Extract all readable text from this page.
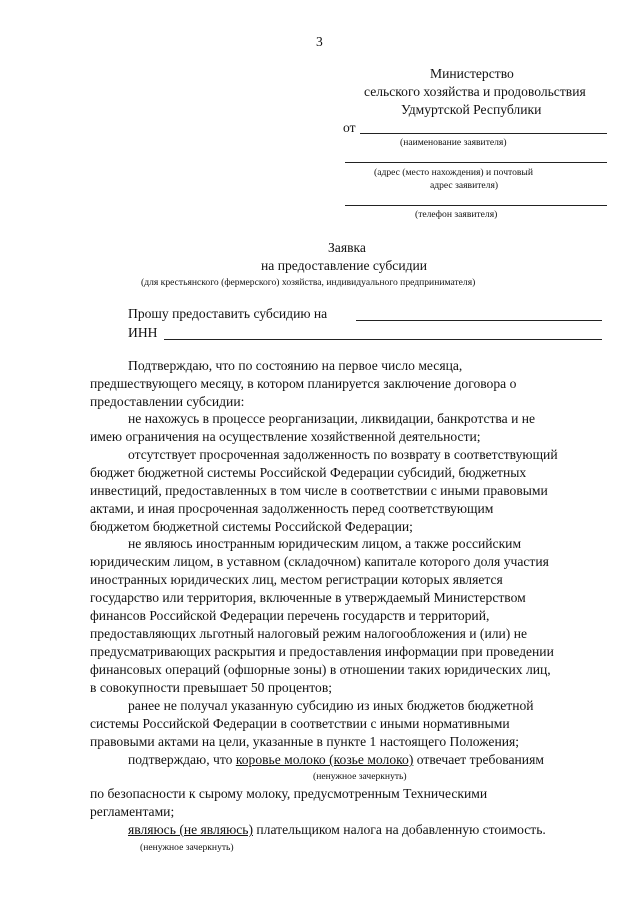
3
Министерство
сельского хозяйства и продовольствия
Удмуртской Республики
от
(наименование заявителя)
(адрес (место нахождения) и почтовый
адрес заявителя)
(телефон заявителя)
Заявка
на предоставление субсидии
(для крестьянского (фермерского) хозяйства, индивидуального предпринимателя)
Прошу предоставить субсидию на
ИНН
Подтверждаю, что по состоянию на первое число месяца,
предшествующего месяцу, в котором планируется заключение договора о
предоставлении субсидии:
не нахожусь в процессе реорганизации, ликвидации, банкротства и не
имею ограничения на осуществление хозяйственной деятельности;
отсутствует просроченная задолженность по возврату в соответствующий
бюджет бюджетной системы Российской Федерации субсидий, бюджетных
инвестиций, предоставленных в том числе в соответствии с иными правовыми
актами, и иная просроченная задолженность перед соответствующим
бюджетом бюджетной системы Российской Федерации;
не являюсь иностранным юридическим лицом, а также российским
юридическим лицом, в уставном (складочном) капитале которого доля участия
иностранных юридических лиц, местом регистрации которых является
государство или территория, включенные в утверждаемый Министерством
финансов Российской Федерации перечень государств и территорий,
предоставляющих льготный налоговый режим налогообложения и (или) не
предусматривающих раскрытия и предоставления информации при проведении
финансовых операций (офшорные зоны) в отношении таких юридических лиц,
в совокупности превышает 50 процентов;
ранее не получал указанную субсидию из иных бюджетов бюджетной
системы Российской Федерации в соответствии с иными нормативными
правовыми актами на цели, указанные в пункте 1 настоящего Положения;
подтверждаю, что коровье молоко (козье молоко) отвечает требованиям
(ненужное зачеркнуть)
по безопасности к сырому молоку, предусмотренным Техническими
регламентами;
являюсь (не являюсь) плательщиком налога на добавленную стоимость.
(ненужное зачеркнуть)
